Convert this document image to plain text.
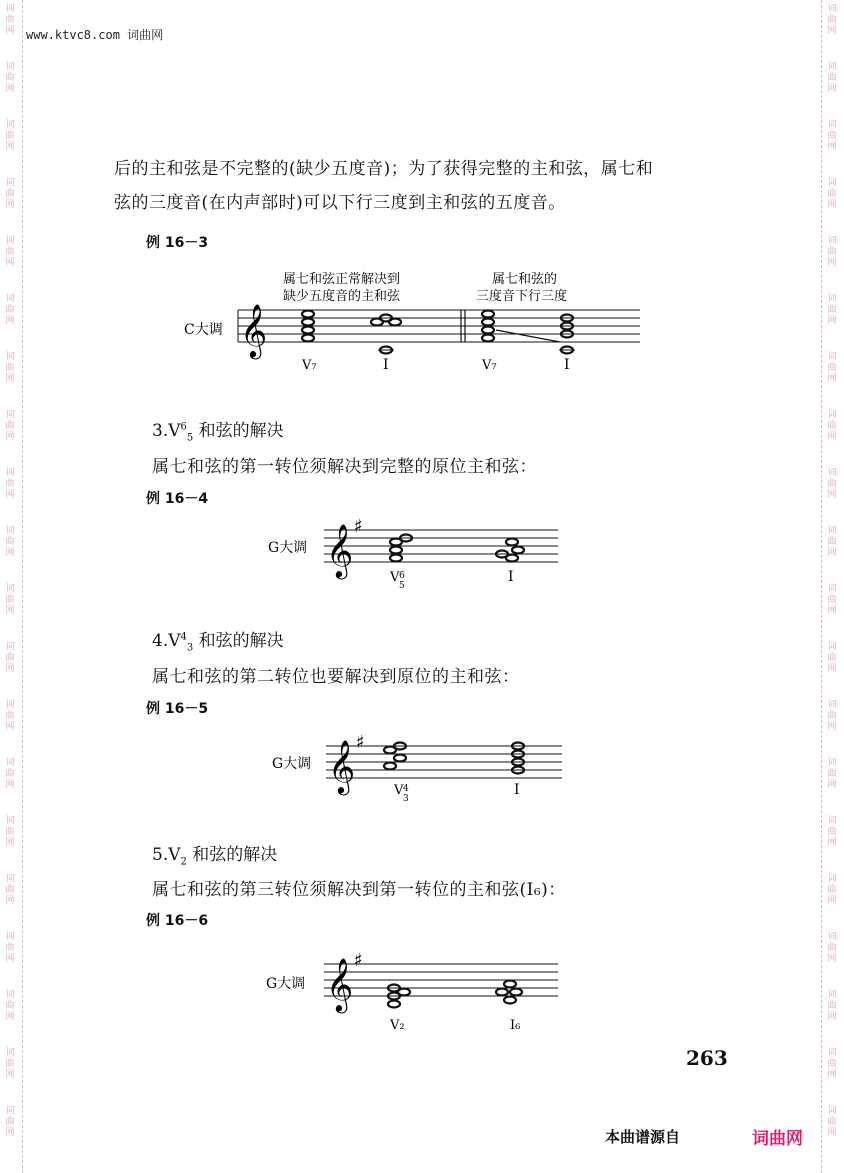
词
曲
网
词
曲
网
词
曲
网
词
曲
网
词
曲
网
词
曲
网
词
曲
网
词
曲
网
词
曲
网
词
曲
网
词
曲
网
词
曲
网
词
曲
网
词
曲
网
词
曲
网
词
曲
网
词
曲
网
词
曲
网
词
曲
网
词
曲
网
词
曲
网
词
曲
网
词
曲
网
词
曲
网
词
曲
网
词
曲
网
词
曲
网
词
曲
网
词
曲
网
词
曲
网
词
曲
网
词
曲
网
词
曲
网
词
曲
网
词
曲
网
词
曲
网
词
曲
网
词
曲
网
词
曲
网
词
曲
网
www.ktvc8.com 词曲网
后的主和弦是不完整的(缺少五度音)；为了获得完整的主和弦，属七和
弦的三度音(在内声部时)可以下行三度到主和弦的五度音。
例 16－3
属七和弦正常解决到
缺少五度音的主和弦
属七和弦的
三度音下行三度
C大调 𝄞
V₇	I	V₇	I
$3.V^6_5$ 和弦的解决
属七和弦的第一转位须解决到完整的原位主和弦：
例 16－4
G大调 𝄞 ♯
V 6
5
I
$4.V^4_3$ 和弦的解决
属七和弦的第二转位也要解决到原位的主和弦：
例 16－5
G大调 𝄞 ♯
V 4
3
I
$5.V_2$ 和弦的解决
属七和弦的第三转位须解决到第一转位的主和弦(I₆)：
例 16－6
G大调 𝄞 ♯
V₂	I₆
263
本曲谱源自	词曲网
